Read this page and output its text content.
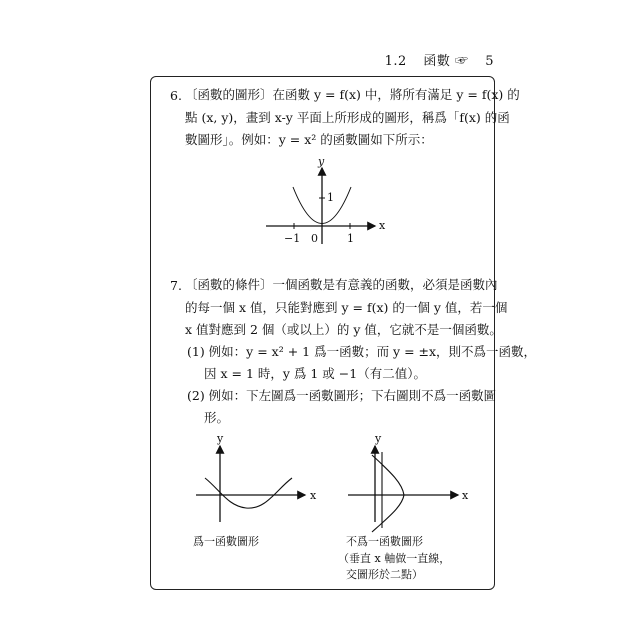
1.2 函數 ☞ 5
6. 〔函數的圖形〕在函數 y = f(x) 中，將所有滿足 y = f(x) 的
點 (x, y)，畫到 x-y 平面上所形成的圖形，稱爲「f(x) 的函
數圖形」。例如：y = x² 的函數圖如下所示：
y
x
0
−1	1
1
7. 〔函數的條件〕一個函數是有意義的函數，必須是函數內
的每一個 x 值，只能對應到 y = f(x) 的一個 y 值，若一個
x 值對應到 2 個（或以上）的 y 值，它就不是一個函數。
(1) 例如：y = x² + 1 爲一函數；而 y = ±x，則不爲一函數，
因 x = 1 時，y 爲 1 或 −1（有二值）。
(2) 例如：下左圖爲一函數圖形；下右圖則不爲一函數圖
形。
y
x
y
x
爲一函數圖形	不爲一函數圖形
（垂直 x 軸做一直線，
交圖形於二點）
